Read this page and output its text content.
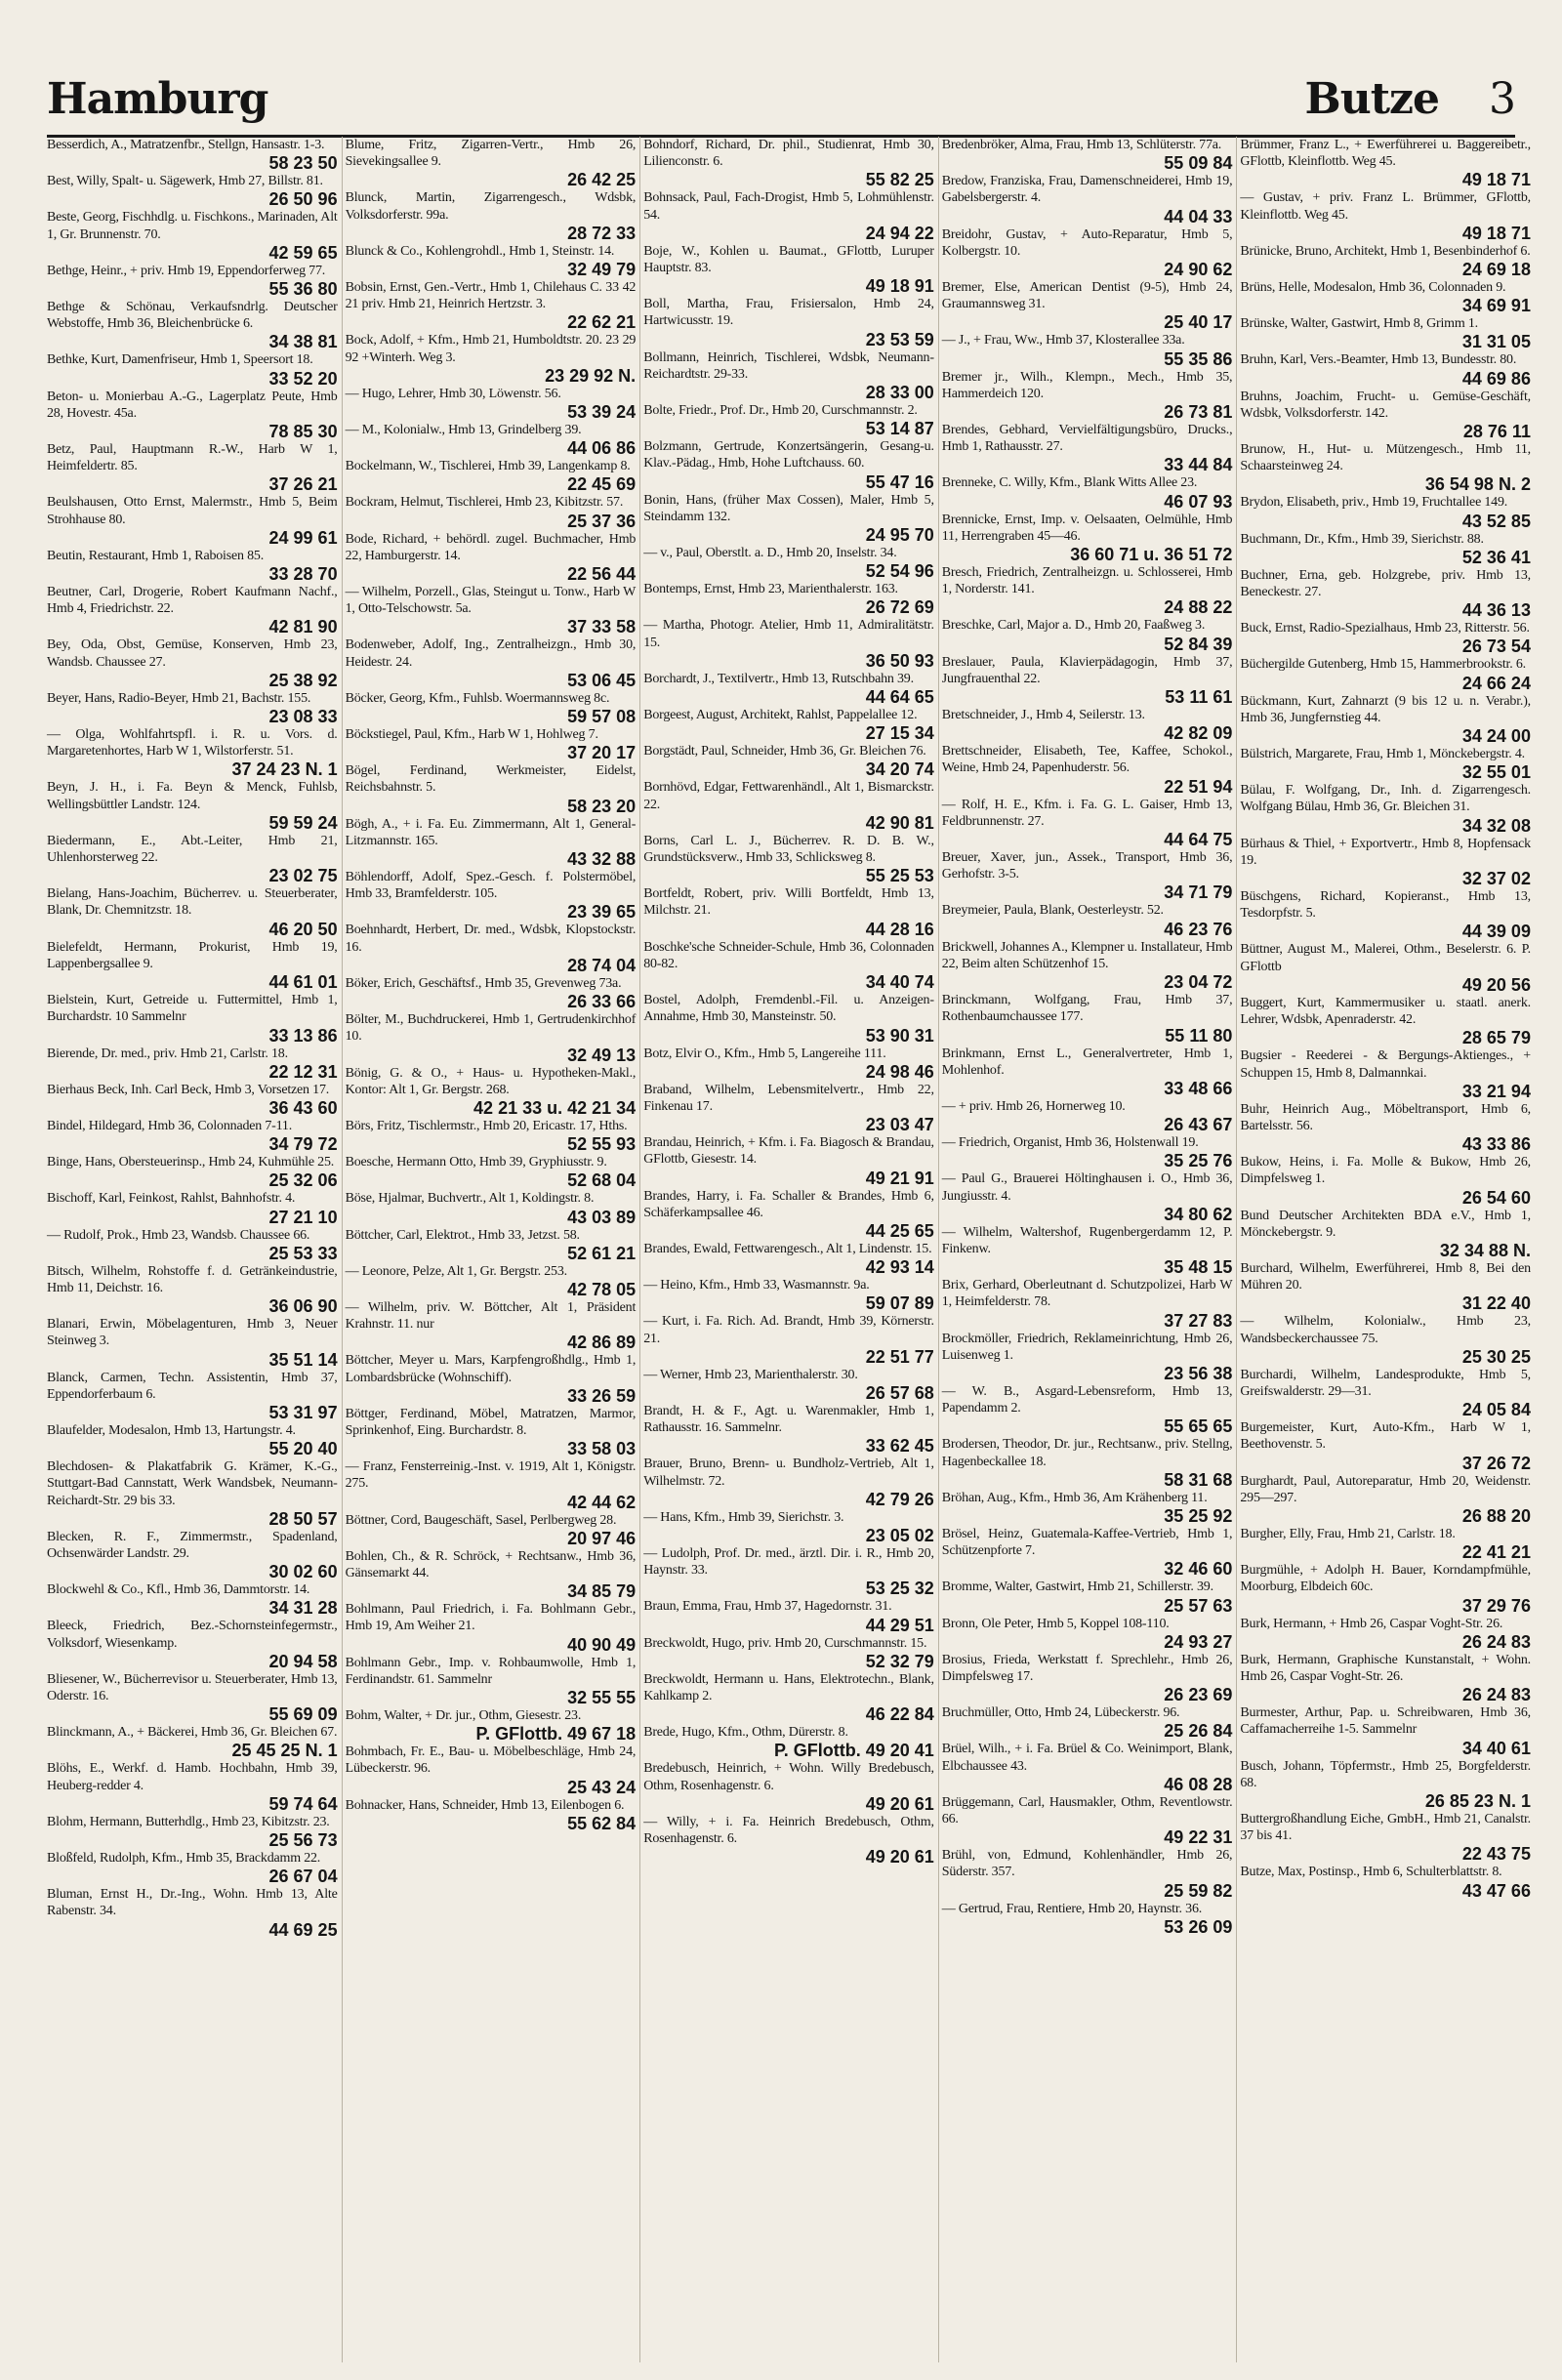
Hamburg	Butze 3
Besserdich, A., Matratzenfbr., Stellgn, Hansastr. 1-3.
58 23 50
Best, Willy, Spalt- u. Sägewerk, Hmb 27, Billstr. 81.
26 50 96
Beste, Georg, Fischhdlg. u. Fischkons., Marinaden, Alt 1, Gr. Brunnenstr. 70.
42 59 65
Bethge, Heinr., + priv. Hmb 19, Eppendorferweg 77.
55 36 80
Bethge & Schönau, Verkaufsndrlg. Deutscher Webstoffe, Hmb 36, Bleichenbrücke 6.
34 38 81
Bethke, Kurt, Damenfriseur, Hmb 1, Speersort 18.
33 52 20
Beton- u. Monierbau A.-G., Lagerplatz Peute, Hmb 28, Hovestr. 45a.
78 85 30
Betz, Paul, Hauptmann R.-W., Harb W 1, Heimfeldertr. 85.
37 26 21
Beulshausen, Otto Ernst, Malermstr., Hmb 5, Beim Strohhause 80.
24 99 61
Beutin, Restaurant, Hmb 1, Raboisen 85.
33 28 70
Beutner, Carl, Drogerie, Robert Kaufmann Nachf., Hmb 4, Friedrichstr. 22.
42 81 90
Bey, Oda, Obst, Gemüse, Konserven, Hmb 23, Wandsb. Chaussee 27.
25 38 92
Beyer, Hans, Radio-Beyer, Hmb 21, Bachstr. 155.
23 08 33
— Olga, Wohlfahrtspfl. i. R. u. Vors. d. Margaretenhortes, Harb W 1, Wilstorferstr. 51.
37 24 23 N. 1
Beyn, J. H., i. Fa. Beyn & Menck, Fuhlsb, Wellingsbüttler Landstr. 124.
59 59 24
Biedermann, E., Abt.-Leiter, Hmb 21, Uhlenhorsterweg 22.
23 02 75
Bielang, Hans-Joachim, Bücherrev. u. Steuerberater, Blank, Dr. Chemnitzstr. 18.
46 20 50
Bielefeldt, Hermann, Prokurist, Hmb 19, Lappenbergsallee 9.
44 61 01
Bielstein, Kurt, Getreide u. Futtermittel, Hmb 1, Burchardstr. 10 Sammelnr
33 13 86
Bierende, Dr. med., priv. Hmb 21, Carlstr. 18.
22 12 31
Bierhaus Beck, Inh. Carl Beck, Hmb 3, Vorsetzen 17.
36 43 60
Bindel, Hildegard, Hmb 36, Colonnaden 7-11.
34 79 72
Binge, Hans, Obersteuerinsp., Hmb 24, Kuhmühle 25.
25 32 06
Bischoff, Karl, Feinkost, Rahlst, Bahnhofstr. 4.
27 21 10
— Rudolf, Prok., Hmb 23, Wandsb. Chaussee 66.
25 53 33
Bitsch, Wilhelm, Rohstoffe f. d. Getränkeindustrie, Hmb 11, Deichstr. 16.
36 06 90
Blanari, Erwin, Möbelagenturen, Hmb 3, Neuer Steinweg 3.
35 51 14
Blanck, Carmen, Techn. Assistentin, Hmb 37, Eppendorferbaum 6.
53 31 97
Blaufelder, Modesalon, Hmb 13, Hartungstr. 4.
55 20 40
Blechdosen- & Plakatfabrik G. Krämer, K.-G., Stuttgart-Bad Cannstatt, Werk Wandsbek, Neumann-Reichardt-Str. 29 bis 33.
28 50 57
Blecken, R. F., Zimmermstr., Spadenland, Ochsenwärder Landstr. 29.
30 02 60
Blockwehl & Co., Kfl., Hmb 36, Dammtorstr. 14.
34 31 28
Bleeck, Friedrich, Bez.-Schornsteinfegermstr., Volksdorf, Wiesenkamp.
20 94 58
Bliesener, W., Bücherrevisor u. Steuerberater, Hmb 13, Oderstr. 16.
55 69 09
Blinckmann, A., + Bäckerei, Hmb 36, Gr. Bleichen 67.
25 45 25 N. 1
Blöhs, E., Werkf. d. Hamb. Hochbahn, Hmb 39, Heuberg-redder 4.
59 74 64
Blohm, Hermann, Butterhdlg., Hmb 23, Kibitzstr. 23.
25 56 73
Bloßfeld, Rudolph, Kfm., Hmb 35, Brackdamm 22.
26 67 04
Bluman, Ernst H., Dr.-Ing., Wohn. Hmb 13, Alte Rabenstr. 34.
44 69 25
Blume, Fritz, Zigarren-Vertr., Hmb 26, Sievekingsallee 9.
26 42 25
Blunck, Martin, Zigarrengesch., Wdsbk, Volksdorferstr. 99a.
28 72 33
Blunck & Co., Kohlengrohdl., Hmb 1, Steinstr. 14.
32 49 79
Bobsin, Ernst, Gen.-Vertr., Hmb 1, Chilehaus C. 33 42 21 priv. Hmb 21, Heinrich Hertzstr. 3.
22 62 21
Bock, Adolf, + Kfm., Hmb 21, Humboldtstr. 20. 23 29 92 +Winterh. Weg 3.
23 29 92 N.
— Hugo, Lehrer, Hmb 30, Löwenstr. 56.
53 39 24
— M., Kolonialw., Hmb 13, Grindelberg 39.
44 06 86
Bockelmann, W., Tischlerei, Hmb 39, Langenkamp 8.
22 45 69
Bockram, Helmut, Tischlerei, Hmb 23, Kibitzstr. 57.
25 37 36
Bode, Richard, + behördl. zugel. Buchmacher, Hmb 22, Hamburgerstr. 14.
22 56 44
— Wilhelm, Porzell., Glas, Steingut u. Tonw., Harb W 1, Otto-Telschowstr. 5a.
37 33 58
Bodenweber, Adolf, Ing., Zentralheizgn., Hmb 30, Heidestr. 24.
53 06 45
Böcker, Georg, Kfm., Fuhlsb. Woermannsweg 8c.
59 57 08
Böckstiegel, Paul, Kfm., Harb W 1, Hohlweg 7.
37 20 17
Bögel, Ferdinand, Werkmeister, Eidelst, Reichsbahnstr. 5.
58 23 20
Bögh, A., + i. Fa. Eu. Zimmermann, Alt 1, General-Litzmannstr. 165.
43 32 88
Böhlendorff, Adolf, Spez.-Gesch. f. Polstermöbel, Hmb 33, Bramfelderstr. 105.
23 39 65
Boehnhardt, Herbert, Dr. med., Wdsbk, Klopstockstr. 16.
28 74 04
Böker, Erich, Geschäftsf., Hmb 35, Grevenweg 73a.
26 33 66
Bölter, M., Buchdruckerei, Hmb 1, Gertrudenkirchhof 10.
32 49 13
Bönig, G. & O., + Haus- u. Hypotheken-Makl., Kontor: Alt 1, Gr. Bergstr. 268.
42 21 33 u. 42 21 34
Börs, Fritz, Tischlermstr., Hmb 20, Ericastr. 17, Hths.
52 55 93
Boesche, Hermann Otto, Hmb 39, Gryphiusstr. 9.
52 68 04
Böse, Hjalmar, Buchvertr., Alt 1, Koldingstr. 8.
43 03 89
Böttcher, Carl, Elektrot., Hmb 33, Jetzst. 58.
52 61 21
— Leonore, Pelze, Alt 1, Gr. Bergstr. 253.
42 78 05
— Wilhelm, priv. W. Böttcher, Alt 1, Präsident Krahnstr. 11. nur
42 86 89
Böttcher, Meyer u. Mars, Karpfengroßhdlg., Hmb 1, Lombardsbrücke (Wohnschiff).
33 26 59
Böttger, Ferdinand, Möbel, Matratzen, Marmor, Sprinkenhof, Eing. Burchardstr. 8.
33 58 03
— Franz, Fensterreinig.-Inst. v. 1919, Alt 1, Königstr. 275.
42 44 62
Böttner, Cord, Baugeschäft, Sasel, Perlbergweg 28.
20 97 46
Bohlen, Ch., & R. Schröck, + Rechtsanw., Hmb 36, Gänsemarkt 44.
34 85 79
Bohlmann, Paul Friedrich, i. Fa. Bohlmann Gebr., Hmb 19, Am Weiher 21.
40 90 49
Bohlmann Gebr., Imp. v. Rohbaumwolle, Hmb 1, Ferdinandstr. 61. Sammelnr
32 55 55
Bohm, Walter, + Dr. jur., Othm, Giesestr. 23.
P. GFlottb. 49 67 18
Bohmbach, Fr. E., Bau- u. Möbelbeschläge, Hmb 24, Lübeckerstr. 96.
25 43 24
Bohnacker, Hans, Schneider, Hmb 13, Eilenbogen 6.
55 62 84
Bohndorf, Richard, Dr. phil., Studienrat, Hmb 30, Lilienconstr. 6.
55 82 25
Bohnsack, Paul, Fach-Drogist, Hmb 5, Lohmühlenstr. 54.
24 94 22
Boje, W., Kohlen u. Baumat., GFlottb, Luruper Hauptstr. 83.
49 18 91
Boll, Martha, Frau, Frisiersalon, Hmb 24, Hartwicusstr. 19.
23 53 59
Bollmann, Heinrich, Tischlerei, Wdsbk, Neumann-Reichardtstr. 29-33.
28 33 00
Bolte, Friedr., Prof. Dr., Hmb 20, Curschmannstr. 2.
53 14 87
Bolzmann, Gertrude, Konzertsängerin, Gesang-u. Klav.-Pädag., Hmb, Hohe Luftchauss. 60.
55 47 16
Bonin, Hans, (früher Max Cossen), Maler, Hmb 5, Steindamm 132.
24 95 70
— v., Paul, Oberstlt. a. D., Hmb 20, Inselstr. 34.
52 54 96
Bontemps, Ernst, Hmb 23, Marienthalerstr. 163.
26 72 69
— Martha, Photogr. Atelier, Hmb 11, Admiralitätstr. 15.
36 50 93
Borchardt, J., Textilvertr., Hmb 13, Rutschbahn 39.
44 64 65
Borgeest, August, Architekt, Rahlst, Pappelallee 12.
27 15 34
Borgstädt, Paul, Schneider, Hmb 36, Gr. Bleichen 76.
34 20 74
Bornhövd, Edgar, Fettwarenhändl., Alt 1, Bismarckstr. 22.
42 90 81
Borns, Carl L. J., Bücherrev. R. D. B. W., Grundstücksverw., Hmb 33, Schlicksweg 8.
55 25 53
Bortfeldt, Robert, priv. Willi Bortfeldt, Hmb 13, Milchstr. 21.
44 28 16
Boschke'sche Schneider-Schule, Hmb 36, Colonnaden 80-82.
34 40 74
Bostel, Adolph, Fremdenbl.-Fil. u. Anzeigen-Annahme, Hmb 30, Mansteinstr. 50.
53 90 31
Botz, Elvir O., Kfm., Hmb 5, Langereihe 111.
24 98 46
Braband, Wilhelm, Lebensmitelvertr., Hmb 22, Finkenau 17.
23 03 47
Brandau, Heinrich, + Kfm. i. Fa. Biagosch & Brandau, GFlottb, Giesestr. 14.
49 21 91
Brandes, Harry, i. Fa. Schaller & Brandes, Hmb 6, Schäferkampsallee 46.
44 25 65
Brandes, Ewald, Fettwarengesch., Alt 1, Lindenstr. 15.
42 93 14
— Heino, Kfm., Hmb 33, Wasmannstr. 9a.
59 07 89
— Kurt, i. Fa. Rich. Ad. Brandt, Hmb 39, Körnerstr. 21.
22 51 77
— Werner, Hmb 23, Marienthalerstr. 30.
26 57 68
Brandt, H. & F., Agt. u. Warenmakler, Hmb 1, Rathausstr. 16. Sammelnr.
33 62 45
Brauer, Bruno, Brenn- u. Bundholz-Vertrieb, Alt 1, Wilhelmstr. 72.
42 79 26
— Hans, Kfm., Hmb 39, Sierichstr. 3.
23 05 02
— Ludolph, Prof. Dr. med., ärztl. Dir. i. R., Hmb 20, Haynstr. 33.
53 25 32
Braun, Emma, Frau, Hmb 37, Hagedornstr. 31.
44 29 51
Breckwoldt, Hugo, priv. Hmb 20, Curschmannstr. 15.
52 32 79
Breckwoldt, Hermann u. Hans, Elektrotechn., Blank, Kahlkamp 2.
46 22 84
Brede, Hugo, Kfm., Othm, Dürerstr. 8.
P. GFlottb. 49 20 41
Bredebusch, Heinrich, + Wohn. Willy Bredebusch, Othm, Rosenhagenstr. 6.
49 20 61
— Willy, + i. Fa. Heinrich Bredebusch, Othm, Rosenhagenstr. 6.
49 20 61
Bredenbröker, Alma, Frau, Hmb 13, Schlüterstr. 77a.
55 09 84
Bredow, Franziska, Frau, Damenschneiderei, Hmb 19, Gabelsbergerstr. 4.
44 04 33
Breidohr, Gustav, + Auto-Reparatur, Hmb 5, Kolbergstr. 10.
24 90 62
Bremer, Else, American Dentist (9-5), Hmb 24, Graumannsweg 31.
25 40 17
— J., + Frau, Ww., Hmb 37, Klosterallee 33a.
55 35 86
Bremer jr., Wilh., Klempn., Mech., Hmb 35, Hammerdeich 120.
26 73 81
Brendes, Gebhard, Vervielfältigungsbüro, Drucks., Hmb 1, Rathausstr. 27.
33 44 84
Brenneke, C. Willy, Kfm., Blank Witts Allee 23.
46 07 93
Brennicke, Ernst, Imp. v. Oelsaaten, Oelmühle, Hmb 11, Herrengraben 45—46.
36 60 71 u. 36 51 72
Bresch, Friedrich, Zentralheizgn. u. Schlosserei, Hmb 1, Norderstr. 141.
24 88 22
Breschke, Carl, Major a. D., Hmb 20, Faaßweg 3.
52 84 39
Breslauer, Paula, Klavierpädagogin, Hmb 37, Jungfrauenthal 22.
53 11 61
Bretschneider, J., Hmb 4, Seilerstr. 13.
42 82 09
Brettschneider, Elisabeth, Tee, Kaffee, Schokol., Weine, Hmb 24, Papenhuderstr. 56.
22 51 94
— Rolf, H. E., Kfm. i. Fa. G. L. Gaiser, Hmb 13, Feldbrunnenstr. 27.
44 64 75
Breuer, Xaver, jun., Assek., Transport, Hmb 36, Gerhofstr. 3-5.
34 71 79
Breymeier, Paula, Blank, Oesterleystr. 52.
46 23 76
Brickwell, Johannes A., Klempner u. Installateur, Hmb 22, Beim alten Schützenhof 15.
23 04 72
Brinckmann, Wolfgang, Frau, Hmb 37, Rothenbaumchaussee 177.
55 11 80
Brinkmann, Ernst L., Generalvertreter, Hmb 1, Mohlenhof.
33 48 66
— + priv. Hmb 26, Hornerweg 10.
26 43 67
— Friedrich, Organist, Hmb 36, Holstenwall 19.
35 25 76
— Paul G., Brauerei Höltinghausen i. O., Hmb 36, Jungiusstr. 4.
34 80 62
— Wilhelm, Waltershof, Rugenbergerdamm 12, P. Finkenw.
35 48 15
Brix, Gerhard, Oberleutnant d. Schutzpolizei, Harb W 1, Heimfelderstr. 78.
37 27 83
Brockmöller, Friedrich, Reklameinrichtung, Hmb 26, Luisenweg 1.
23 56 38
— W. B., Asgard-Lebensreform, Hmb 13, Papendamm 2.
55 65 65
Brodersen, Theodor, Dr. jur., Rechtsanw., priv. Stellng, Hagenbeckallee 18.
58 31 68
Bröhan, Aug., Kfm., Hmb 36, Am Krähenberg 11.
35 25 92
Brösel, Heinz, Guatemala-Kaffee-Vertrieb, Hmb 1, Schützenpforte 7.
32 46 60
Bromme, Walter, Gastwirt, Hmb 21, Schillerstr. 39.
25 57 63
Bronn, Ole Peter, Hmb 5, Koppel 108-110.
24 93 27
Brosius, Frieda, Werkstatt f. Sprechlehr., Hmb 26, Dimpfelsweg 17.
26 23 69
Bruchmüller, Otto, Hmb 24, Lübeckerstr. 96.
25 26 84
Brüel, Wilh., + i. Fa. Brüel & Co. Weinimport, Blank, Elbchaussee 43.
46 08 28
Brüggemann, Carl, Hausmakler, Othm, Reventlowstr. 66.
49 22 31
Brühl, von, Edmund, Kohlenhändler, Hmb 26, Süderstr. 357.
25 59 82
— Gertrud, Frau, Rentiere, Hmb 20, Haynstr. 36.
53 26 09
Brümmer, Franz L., + Ewerführerei u. Baggereibetr., GFlottb, Kleinflottb. Weg 45.
49 18 71
— Gustav, + priv. Franz L. Brümmer, GFlottb, Kleinflottb. Weg 45.
49 18 71
Brünicke, Bruno, Architekt, Hmb 1, Besenbinderhof 6.
24 69 18
Brüns, Helle, Modesalon, Hmb 36, Colonnaden 9.
34 69 91
Brünske, Walter, Gastwirt, Hmb 8, Grimm 1.
31 31 05
Bruhn, Karl, Vers.-Beamter, Hmb 13, Bundesstr. 80.
44 69 86
Bruhns, Joachim, Frucht- u. Gemüse-Geschäft, Wdsbk, Volksdorferstr. 142.
28 76 11
Brunow, H., Hut- u. Mützengesch., Hmb 11, Schaarsteinweg 24.
36 54 98 N. 2
Brydon, Elisabeth, priv., Hmb 19, Fruchtallee 149.
43 52 85
Buchmann, Dr., Kfm., Hmb 39, Sierichstr. 88.
52 36 41
Buchner, Erna, geb. Holzgrebe, priv. Hmb 13, Beneckestr. 27.
44 36 13
Buck, Ernst, Radio-Spezialhaus, Hmb 23, Ritterstr. 56.
26 73 54
Büchergilde Gutenberg, Hmb 15, Hammerbrookstr. 6.
24 66 24
Bückmann, Kurt, Zahnarzt (9 bis 12 u. n. Verabr.), Hmb 36, Jungfernstieg 44.
34 24 00
Bülstrich, Margarete, Frau, Hmb 1, Mönckebergstr. 4.
32 55 01
Bülau, F. Wolfgang, Dr., Inh. d. Zigarrengesch. Wolfgang Bülau, Hmb 36, Gr. Bleichen 31.
34 32 08
Bürhaus & Thiel, + Exportvertr., Hmb 8, Hopfensack 19.
32 37 02
Büschgens, Richard, Kopieranst., Hmb 13, Tesdorpfstr. 5.
44 39 09
Büttner, August M., Malerei, Othm., Beselerstr. 6. P. GFlottb
49 20 56
Buggert, Kurt, Kammermusiker u. staatl. anerk. Lehrer, Wdsbk, Apenraderstr. 42.
28 65 79
Bugsier - Reederei - & Bergungs-Aktienges., + Schuppen 15, Hmb 8, Dalmannkai.
33 21 94
Buhr, Heinrich Aug., Möbeltransport, Hmb 6, Bartelsstr. 56.
43 33 86
Bukow, Heins, i. Fa. Molle & Bukow, Hmb 26, Dimpfelsweg 1.
26 54 60
Bund Deutscher Architekten BDA e.V., Hmb 1, Mönckebergstr. 9.
32 34 88 N.
Burchard, Wilhelm, Ewerführerei, Hmb 8, Bei den Mühren 20.
31 22 40
— Wilhelm, Kolonialw., Hmb 23, Wandsbeckerchaussee 75.
25 30 25
Burchardi, Wilhelm, Landesprodukte, Hmb 5, Greifswalderstr. 29—31.
24 05 84
Burgemeister, Kurt, Auto-Kfm., Harb W 1, Beethovenstr. 5.
37 26 72
Burghardt, Paul, Autoreparatur, Hmb 20, Weidenstr. 295—297.
26 88 20
Burgher, Elly, Frau, Hmb 21, Carlstr. 18.
22 41 21
Burgmühle, + Adolph H. Bauer, Korndampfmühle, Moorburg, Elbdeich 60c.
37 29 76
Burk, Hermann, + Hmb 26, Caspar Voght-Str. 26.
26 24 83
Burk, Hermann, Graphische Kunstanstalt, + Wohn. Hmb 26, Caspar Voght-Str. 26.
26 24 83
Burmester, Arthur, Pap. u. Schreibwaren, Hmb 36, Caffamacherreihe 1-5. Sammelnr
34 40 61
Busch, Johann, Töpfermstr., Hmb 25, Borgfelderstr. 68.
26 85 23 N. 1
Buttergroßhandlung Eiche, GmbH., Hmb 21, Canalstr. 37 bis 41.
22 43 75
Butze, Max, Postinsp., Hmb 6, Schulterblattstr. 8.
43 47 66
